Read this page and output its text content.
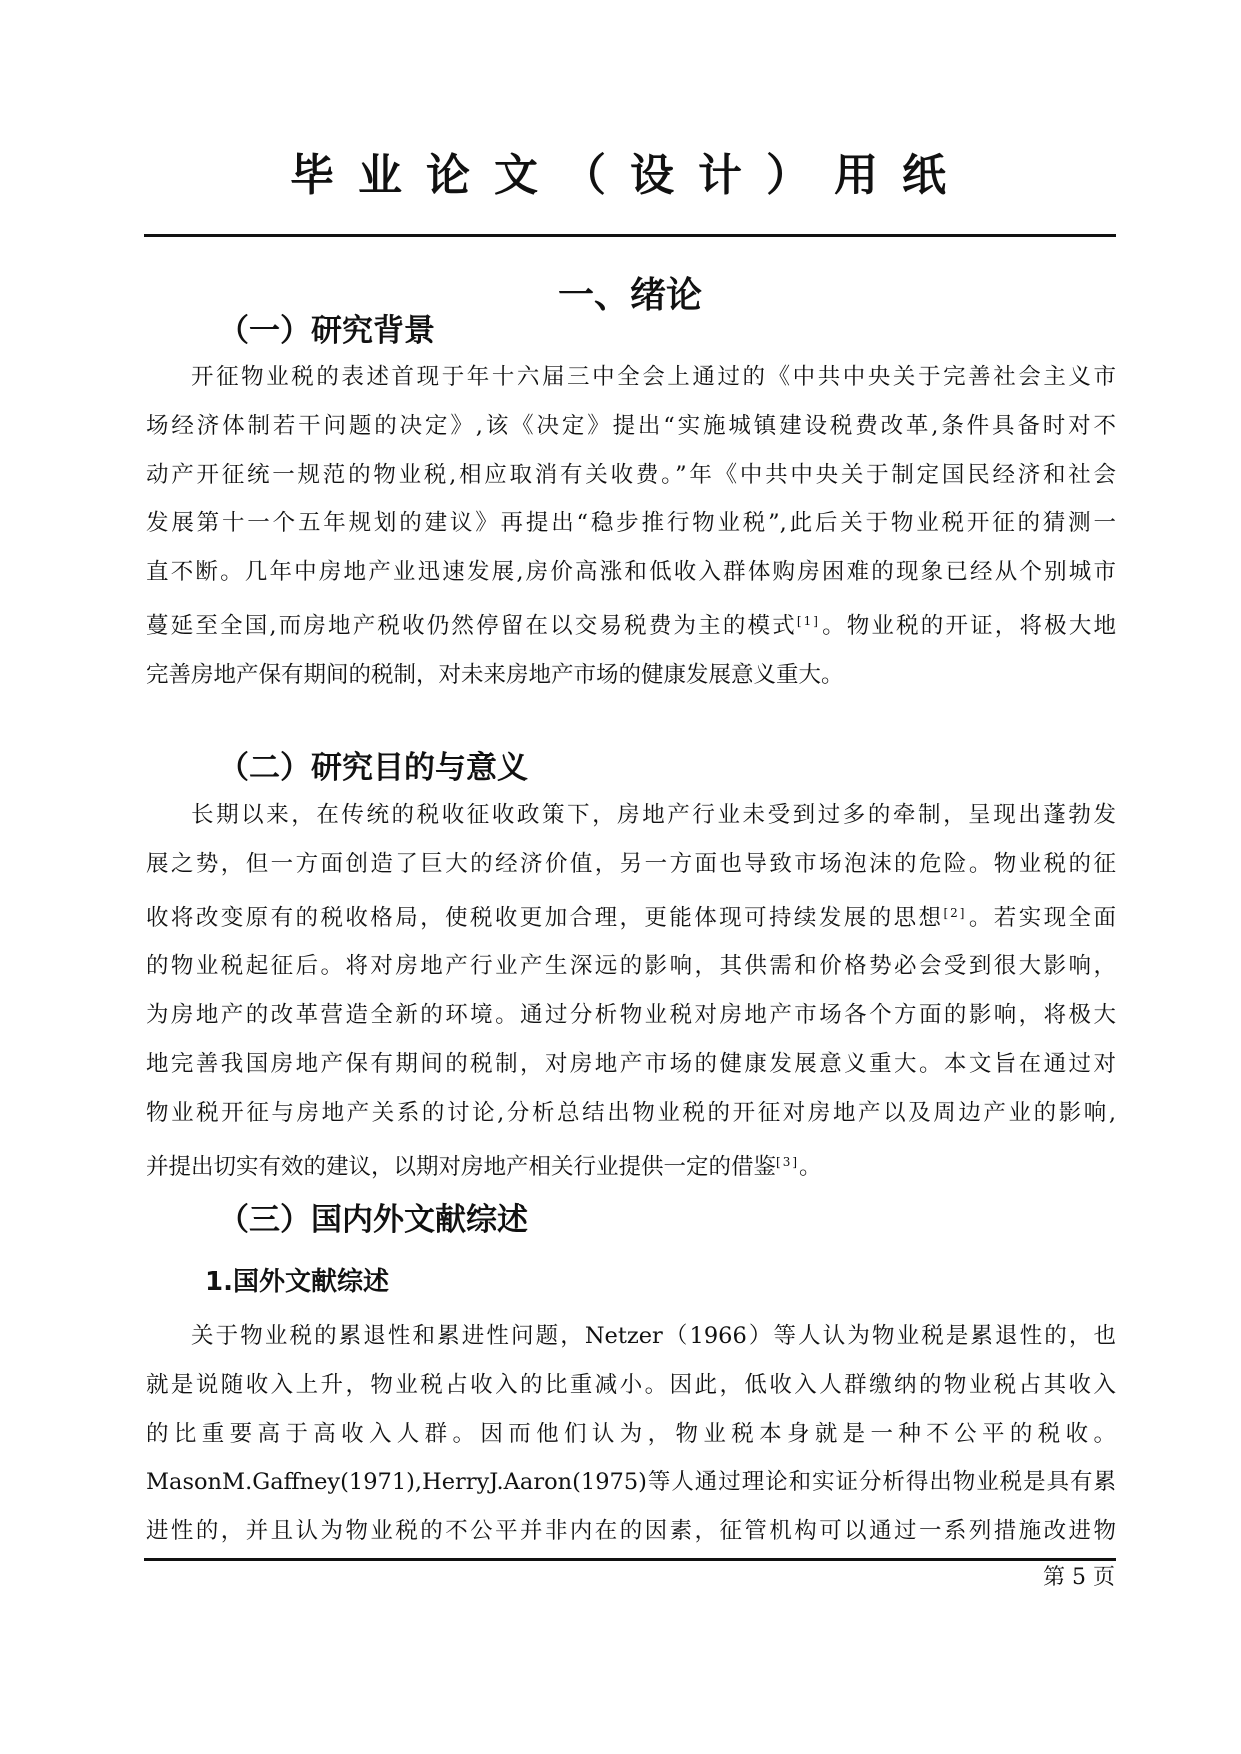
毕业论文（设计）用纸
一、绪论
（一）研究背景

开征物业税的表述首现于年十六届三中全会上通过的《中共中央关于完善社会主义市
场经济体制若干问题的决定》,该《决定》提出“实施城镇建设税费改革,条件具备时对不
动产开征统一规范的物业税,相应取消有关收费。”年《中共中央关于制定国民经济和社会
发展第十一个五年规划的建议》再提出“稳步推行物业税”,此后关于物业税开征的猜测一
直不断。几年中房地产业迅速发展,房价高涨和低收入群体购房困难的现象已经从个别城市
蔓延至全国,而房地产税收仍然停留在以交易税费为主的模式[1]。物业税的开证，将极大地
完善房地产保有期间的税制，对未来房地产市场的健康发展意义重大。

（二）研究目的与意义

长期以来，在传统的税收征收政策下，房地产行业未受到过多的牵制，呈现出蓬勃发
展之势，但一方面创造了巨大的经济价值，另一方面也导致市场泡沫的危险。物业税的征
收将改变原有的税收格局，使税收更加合理，更能体现可持续发展的思想[2]。若实现全面
的物业税起征后。将对房地产行业产生深远的影响，其供需和价格势必会受到很大影响，
为房地产的改革营造全新的环境。通过分析物业税对房地产市场各个方面的影响，将极大
地完善我国房地产保有期间的税制，对房地产市场的健康发展意义重大。本文旨在通过对
物业税开征与房地产关系的讨论,分析总结出物业税的开征对房地产以及周边产业的影响,
并提出切实有效的建议，以期对房地产相关行业提供一定的借鉴[3]。

（三）国内外文献综述
1.国外文献综述

关于物业税的累退性和累进性问题，Netzer（1966）等人认为物业税是累退性的，也
就是说随收入上升，物业税占收入的比重减小。因此，低收入人群缴纳的物业税占其收入
的比重要高于高收入人群。因而他们认为，物业税本身就是一种不公平的税收。
MasonM.Gaffney(1971),HerryJ.Aaron(1975)等人通过理论和实证分析得出物业税是具有累
进性的，并且认为物业税的不公平并非内在的因素，征管机构可以通过一系列措施改进物

第 5 页
